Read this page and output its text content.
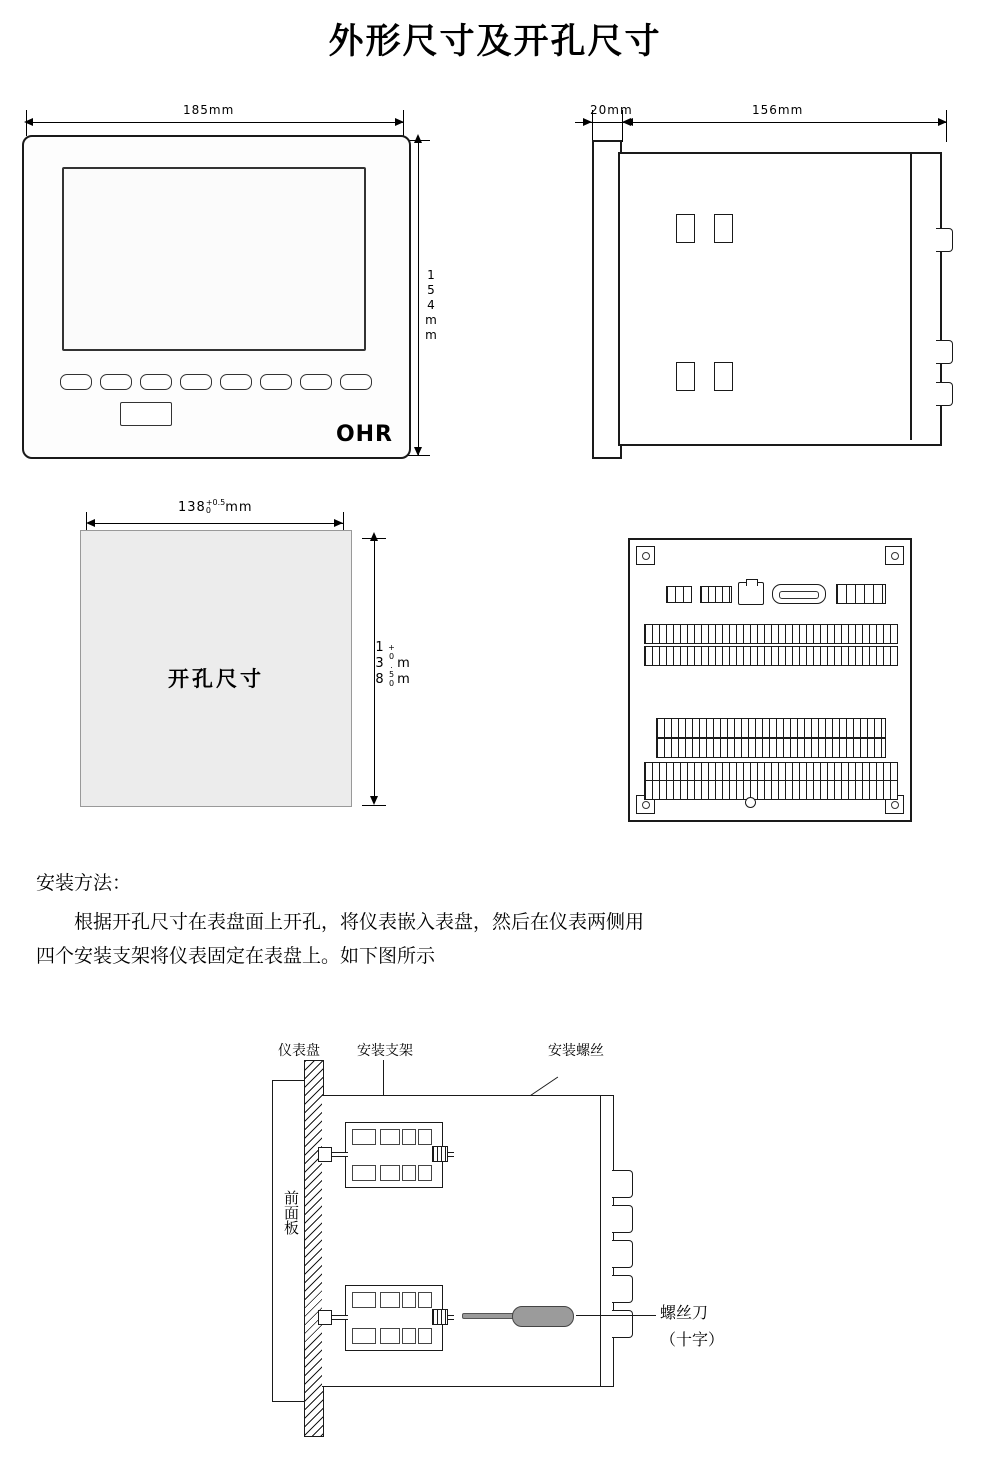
外形尺寸及开孔尺寸
185mm
154mm
OHR
20mm	156mm
138 +0.5
0	mm
138+0.50mm
开孔尺寸
安装方法：
根据开孔尺寸在表盘面上开孔，将仪表嵌入表盘，然后在仪表两侧用四个安装支架将仪表固定在表盘上。如下图所示
仪表盘	安装支架	安装螺丝
前面板
螺丝刀
（十字）
